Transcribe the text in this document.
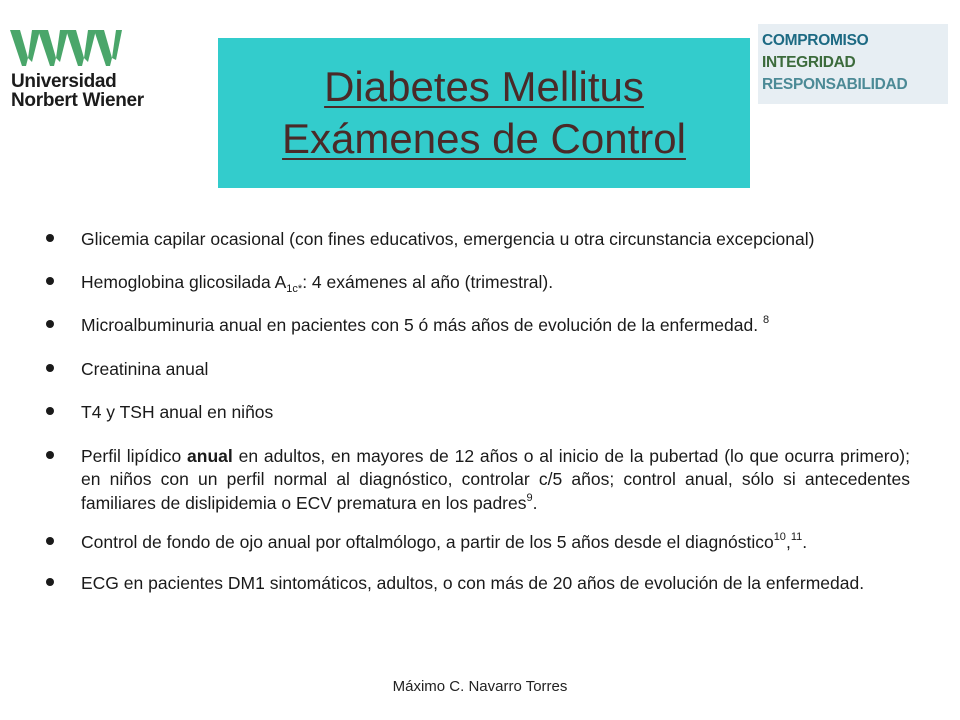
Universidad
Norbert Wiener	Diabetes Mellitus
Exámenes de Control
COMPROMISO
INTEGRIDAD
RESPONSABILIDAD
Glicemia capilar ocasional (con fines educativos, emergencia u otra circunstancia excepcional)
Hemoglobina glicosilada $A_{1c*}$: 4 exámenes al año (trimestral).
Microalbuminuria anual en pacientes con 5 ó más años de evolución de la enfermedad. $^8$
Creatinina anual
T4 y TSH anual en niños
Perfil lipídico anual en adultos, en mayores de 12 años o al inicio de la pubertad (lo que ocurra primero); en niños con un perfil normal al diagnóstico, controlar c/5 años; control anual, sólo si antecedentes familiares de dislipidemia o ECV prematura en los padres$^9$.
Control de fondo de ojo anual por oftalmólogo, a partir de los 5 años desde el diagnóstico$^{10}$,$^{11}$.
ECG en pacientes DM1 sintomáticos, adultos, o con más de 20 años de evolución de la enfermedad.
Máximo C. Navarro Torres
